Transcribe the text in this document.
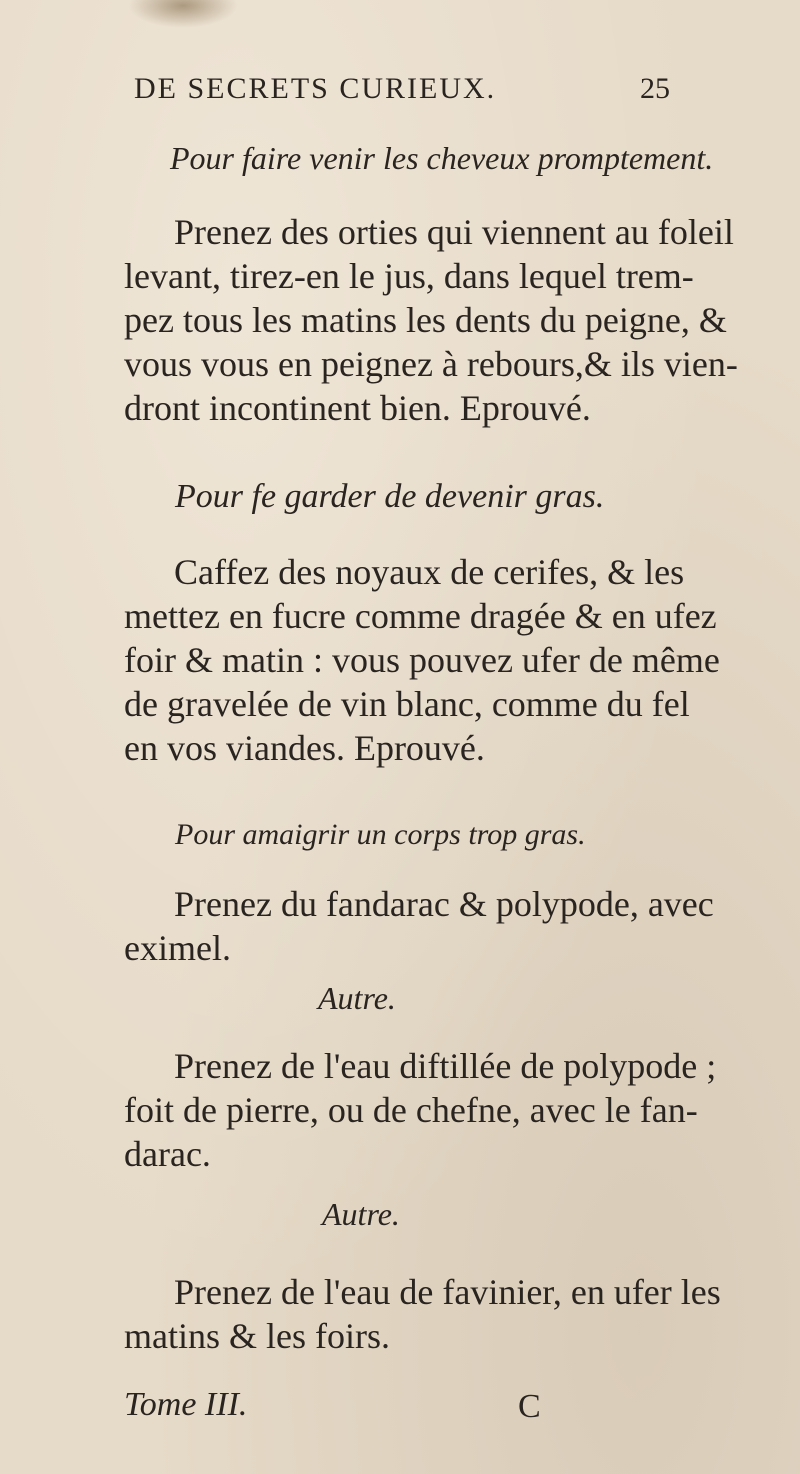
DE SECRETS CURIEUX.	25
Pour faire venir les cheveux promptement.
Prenez des orties qui viennent au foleil
levant, tirez-en le jus, dans lequel trem-
pez tous les matins les dents du peigne, &
vous vous en peignez à rebours,& ils vien-
dront incontinent bien. Eprouvé.
Pour fe garder de devenir gras.
Caffez des noyaux de cerifes, & les
mettez en fucre comme dragée & en ufez
foir & matin : vous pouvez ufer de même
de gravelée de vin blanc, comme du fel
en vos viandes. Eprouvé.
Pour amaigrir un corps trop gras.
Prenez du fandarac & polypode, avec
eximel.
Autre.
Prenez de l'eau diftillée de polypode ;
foit de pierre, ou de chefne, avec le fan-
darac.
Autre.
Prenez de l'eau de favinier, en ufer les
matins & les foirs.
Tome III.	C
